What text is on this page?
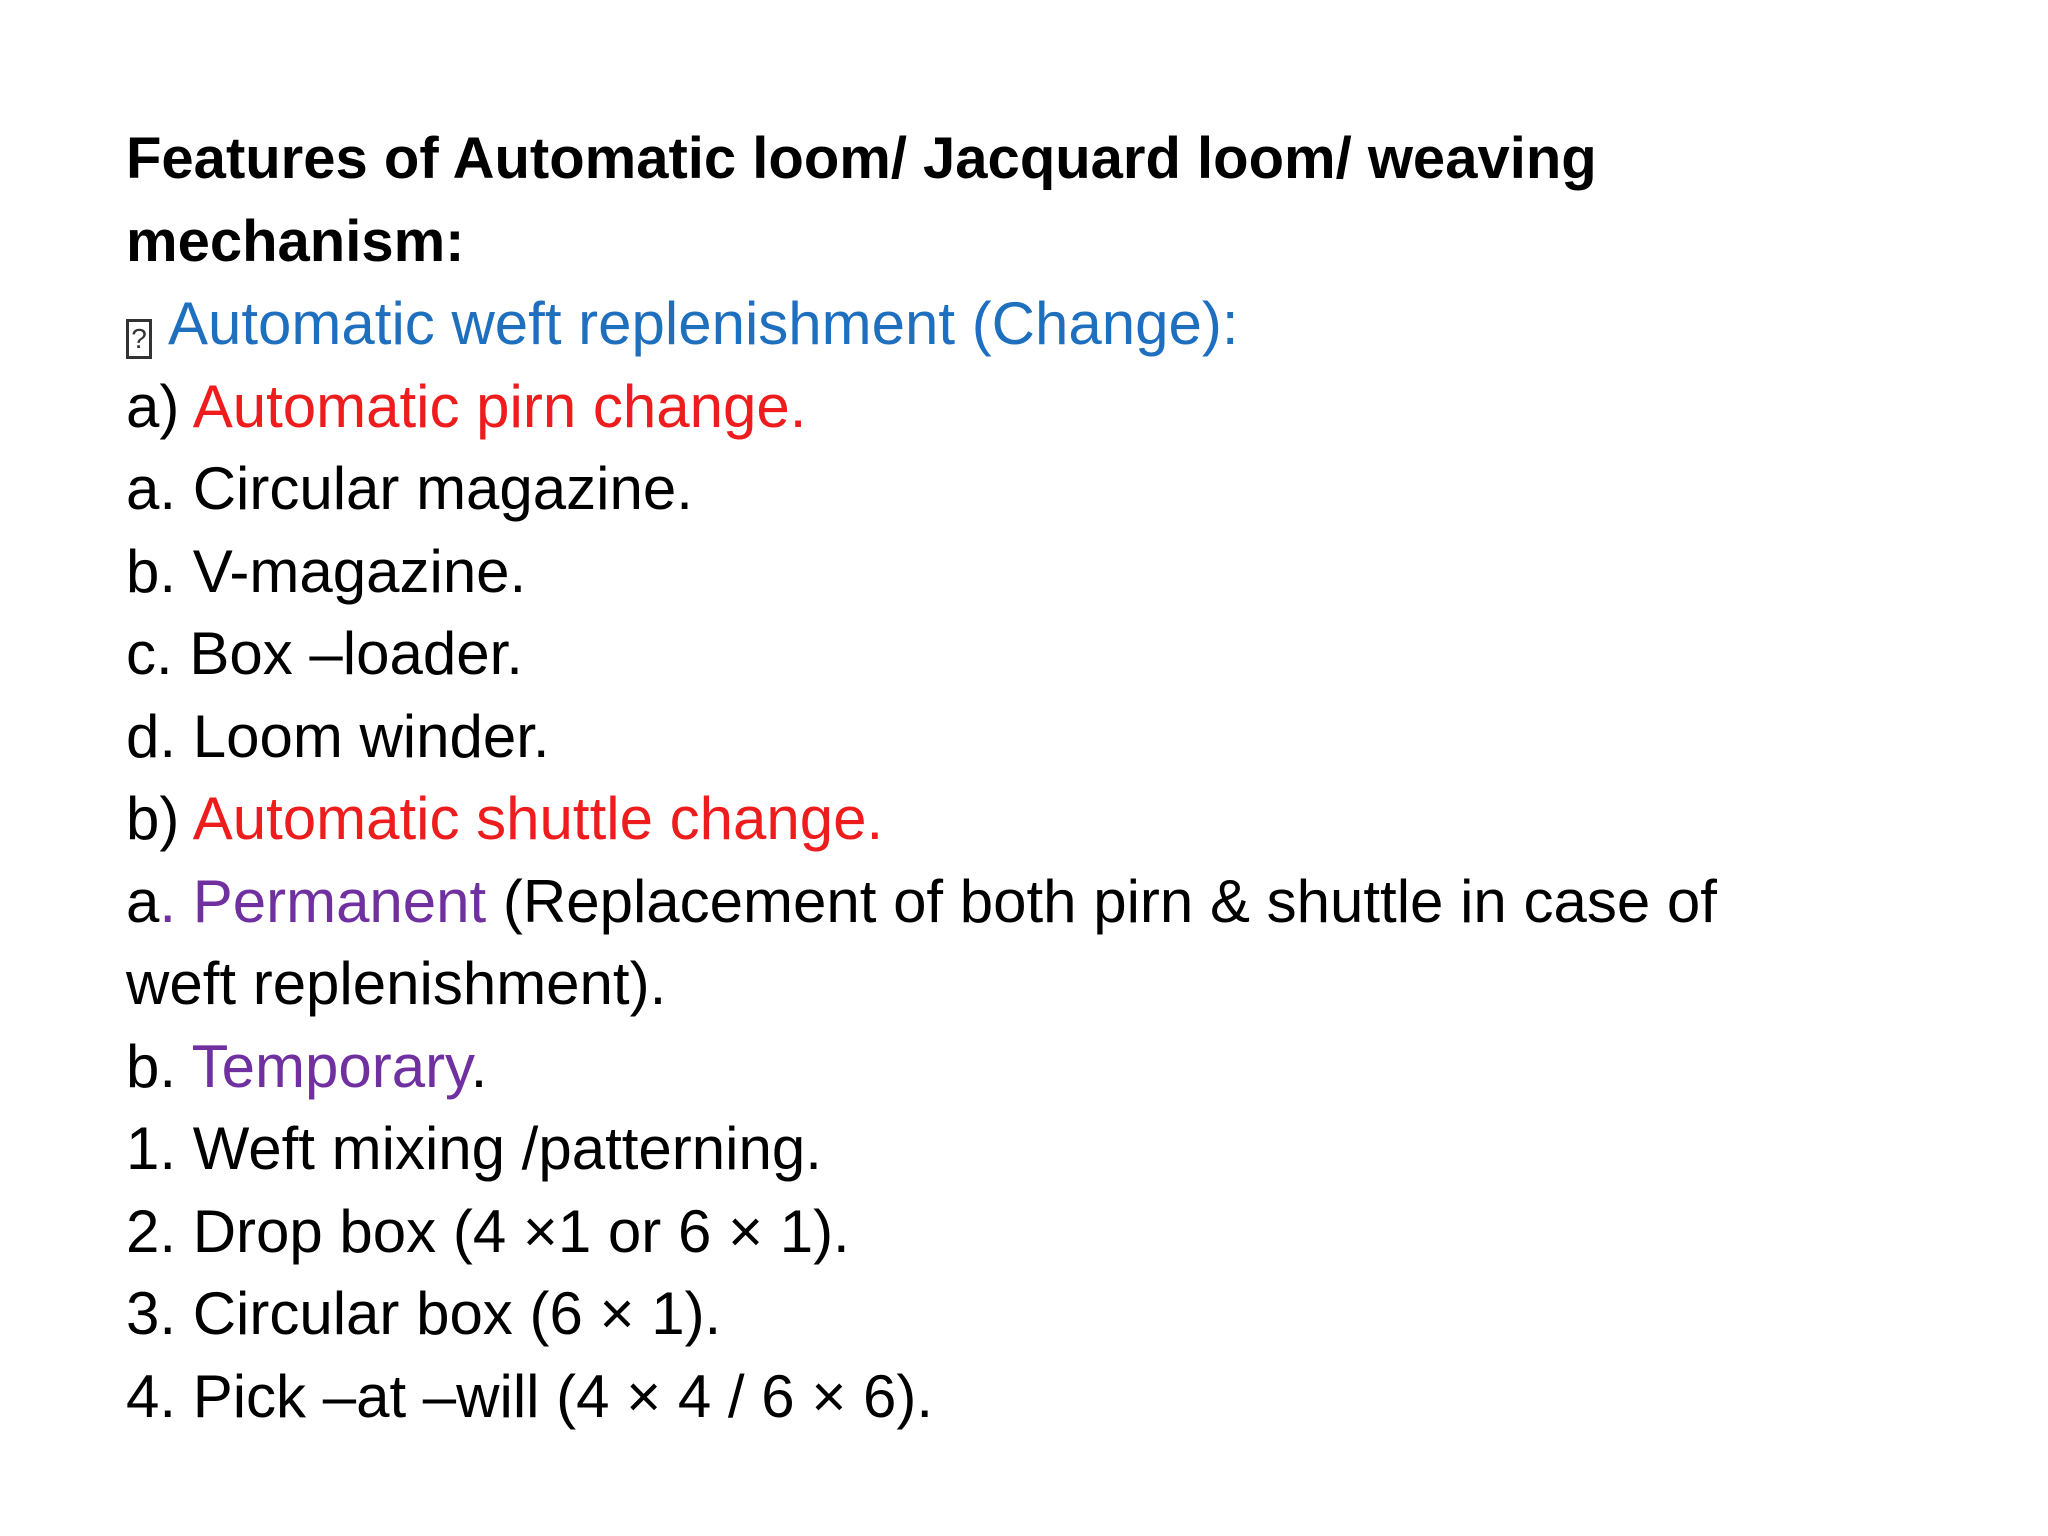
Features of Automatic loom/ Jacquard loom/ weaving
mechanism:
? Automatic weft replenishment (Change):
a) Automatic pirn change.
a. Circular magazine.
b. V-magazine.
c. Box –loader.
d. Loom winder.
b) Automatic shuttle change.
a. Permanent (Replacement of both pirn & shuttle in case of
weft replenishment).
b. Temporary.
1. Weft mixing /patterning.
2. Drop box (4 ×1 or 6 × 1).
3. Circular box (6 × 1).
4. Pick –at –will (4 × 4 / 6 × 6).
